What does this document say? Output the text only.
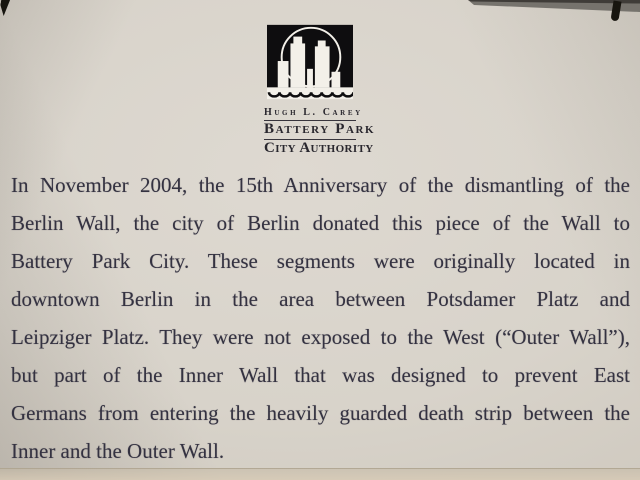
Hugh L. Carey
Battery Park
City Authority
In November 2004, the 15th Anniversary of the dismantling of the
Berlin Wall, the city of Berlin donated this piece of the Wall to
Battery Park City. These segments were originally located in
downtown Berlin in the area between Potsdamer Platz and
Leipziger Platz. They were not exposed to the West (“Outer Wall”),
but part of the Inner Wall that was designed to prevent East
Germans from entering the heavily guarded death strip between the
Inner and the Outer Wall.
